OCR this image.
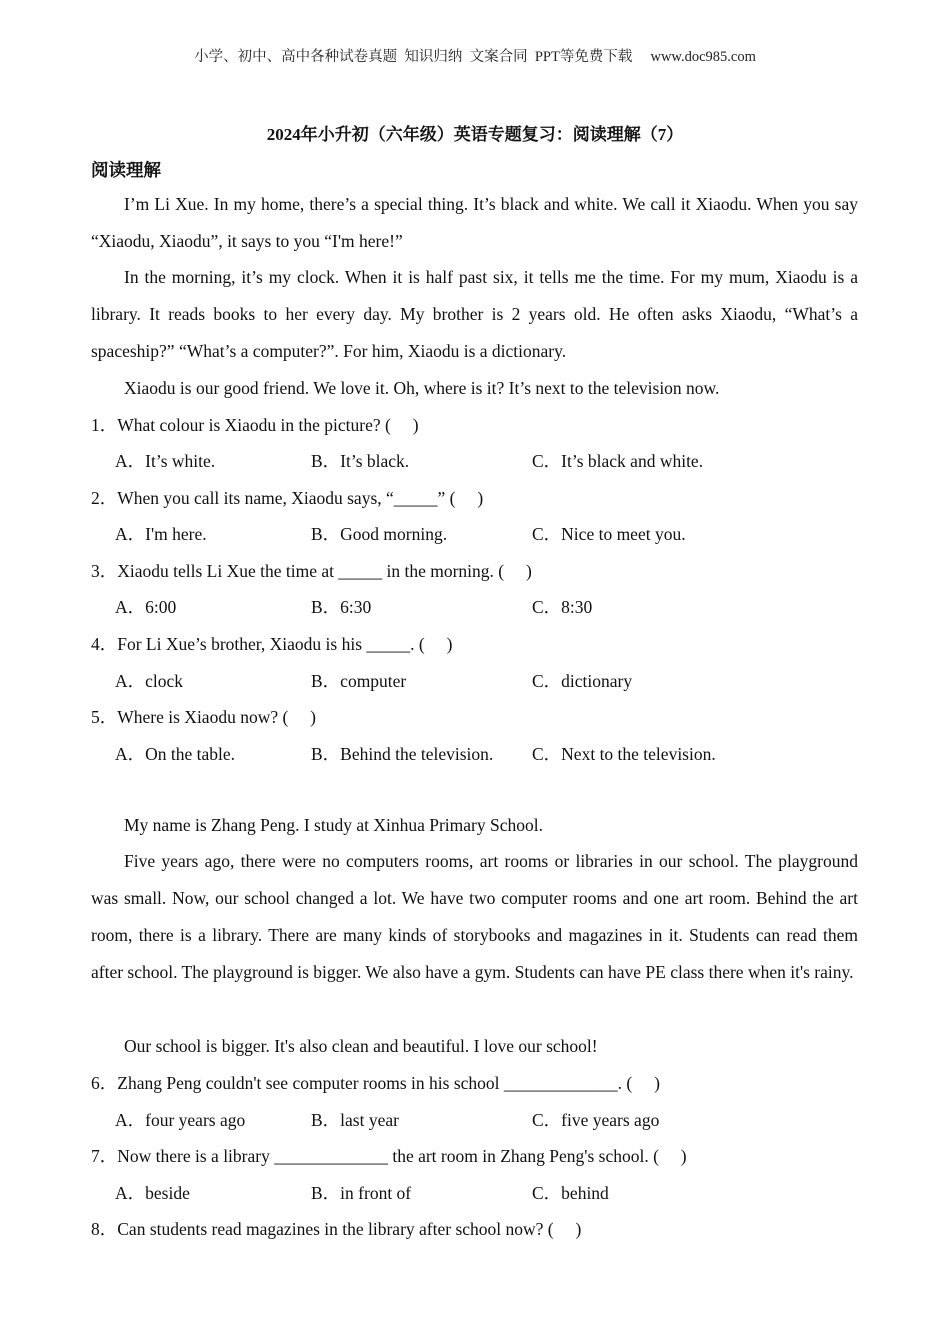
小学、初中、高中各种试卷真题  知识归纳  文案合同  PPT等免费下载     www.doc985.com
2024年小升初（六年级）英语专题复习：阅读理解（7）
阅读理解

I’m Li Xue. In my home, there’s a special thing. It’s black and white. We call it Xiaodu. When you say “Xiaodu, Xiaodu”, it says to you “I'm here!”

In the morning, it’s my clock. When it is half past six, it tells me the time. For my mum, Xiaodu is a library. It reads books to her every day. My brother is 2 years old. He often asks Xiaodu, “What’s a spaceship?” “What’s a computer?”. For him, Xiaodu is a dictionary.

Xiaodu is our good friend. We love it. Oh, where is it? It’s next to the television now.

1．What colour is Xiaodu in the picture? (     )
A．It’s white.	B．It’s black.	C．It’s black and white.
2．When you call its name, Xiaodu says, “_____” (     )
A．I'm here.	B．Good morning.	C．Nice to meet you.
3．Xiaodu tells Li Xue the time at _____ in the morning. (     )
A．6:00	B．6:30	C．8:30
4．For Li Xue’s brother, Xiaodu is his _____. (     )
A．clock	B．computer	C．dictionary
5．Where is Xiaodu now? (     )
A．On the table.	B．Behind the television. C．Next to the television.

My name is Zhang Peng. I study at Xinhua Primary School.

Five years ago, there were no computers rooms, art rooms or libraries in our school. The playground was small. Now, our school changed a lot. We have two computer rooms and one art room. Behind the art room, there is a library. There are many kinds of storybooks and magazines in it. Students can read them after school. The playground is bigger. We also have a gym. Students can have PE class there when it's rainy.

Our school is bigger. It's also clean and beautiful. I love our school!

6．Zhang Peng couldn't see computer rooms in his school _____________. (     )
A．four years ago	B．last year	C．five years ago
7．Now there is a library _____________ the art room in Zhang Peng's school. (     )
A．beside	B．in front of	C．behind
8．Can students read magazines in the library after school now? (     )
